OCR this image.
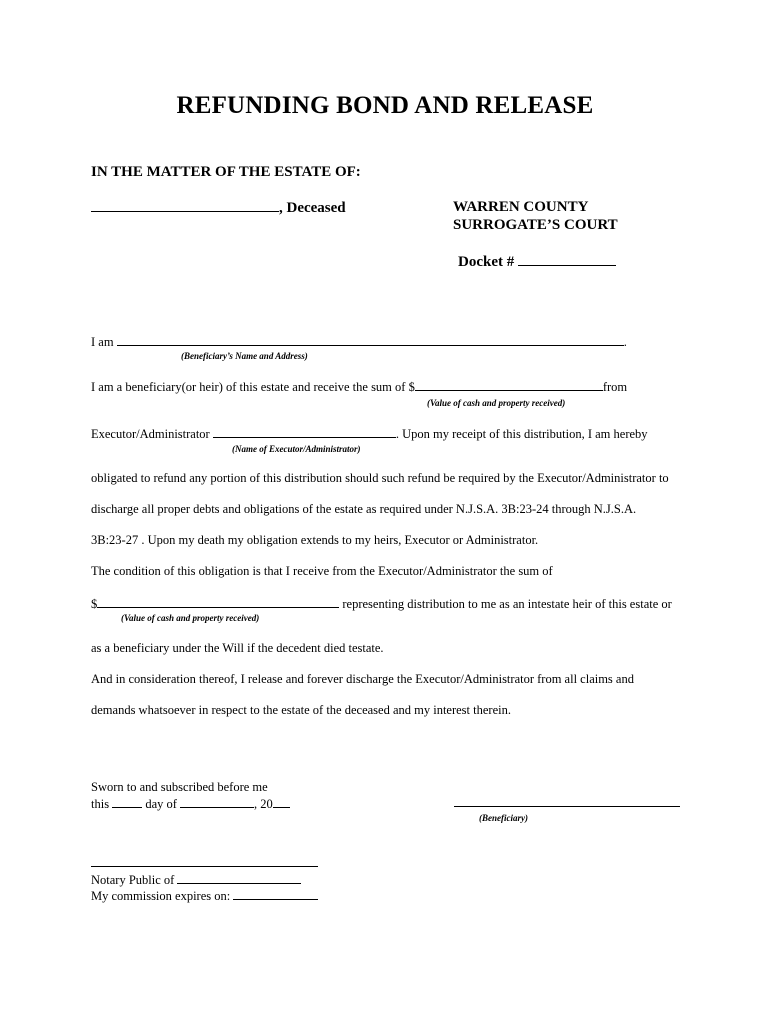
REFUNDING BOND AND RELEASE
IN THE MATTER OF THE ESTATE OF:
, Deceased	WARREN COUNTY
SURROGATE’S COURT
Docket #
I am	.
(Beneficiary’s Name and Address)
I am a beneficiary(or heir) of this estate and receive the sum of $	from
(Value of cash and property received)
Executor/Administrator	. Upon my receipt of this distribution, I am hereby
(Name of Executor/Administrator)
obligated to refund any portion of this distribution should such refund be required by the Executor/Administrator to
discharge all proper debts and obligations of the estate as required under N.J.S.A. 3B:23-24 through N.J.S.A.
3B:23-27 . Upon my death my obligation extends to my heirs, Executor or Administrator.
The condition of this obligation is that I receive from the Executor/Administrator the sum of
$	representing distribution to me as an intestate heir of this estate or
(Value of cash and property received)
as a beneficiary under the Will if the decedent died testate.
And in consideration thereof, I release and forever discharge the Executor/Administrator from all claims and
demands whatsoever in respect to the estate of the deceased and my interest therein.
Sworn to and subscribed before me
this	day of	, 20
(Beneficiary)
Notary Public of
My commission expires on:
